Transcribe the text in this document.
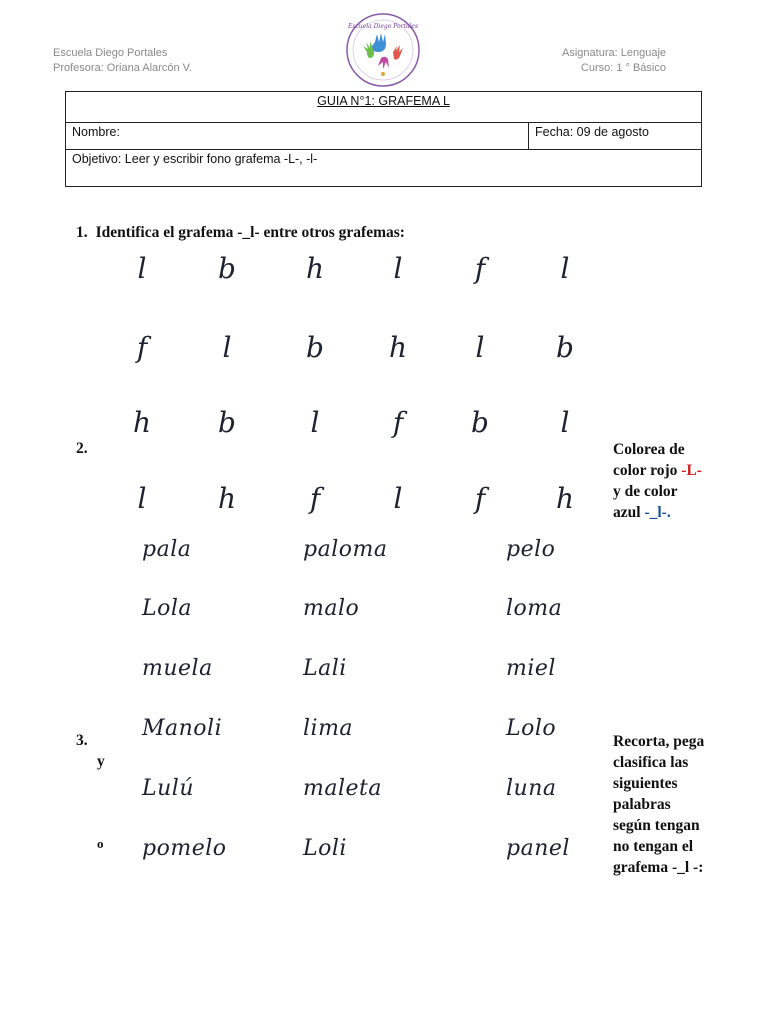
Escuela Diego Portales
Profesora: Oriana Alarcón V.
Escuela Diego Portales
Asignatura: Lenguaje
Curso: 1 ° Básico
GUIA N°1: GRAFEMA L
Nombre:	Fecha: 09 de agosto
Objetivo: Leer y escribir fono grafema -L-, -l-
1. Identifica el grafema -_l- entre otros grafemas:
l	b	h	l	f	l
f	l	b	h	l	b
h	b	l	f	b	l
l	h	f	l	f	h
2.	Colorea de
color rojo -L-
y de color
azul -_l-.
pala	paloma	pelo
Lola	malo	loma
muela	Lali	miel
Manoli	lima	Lolo
Lulú	maleta	luna
pomelo	Loli	panel
3.
y
o
Recorta, pega
clasifica las
siguientes
palabras
según tengan
no tengan el
grafema -_l -:
